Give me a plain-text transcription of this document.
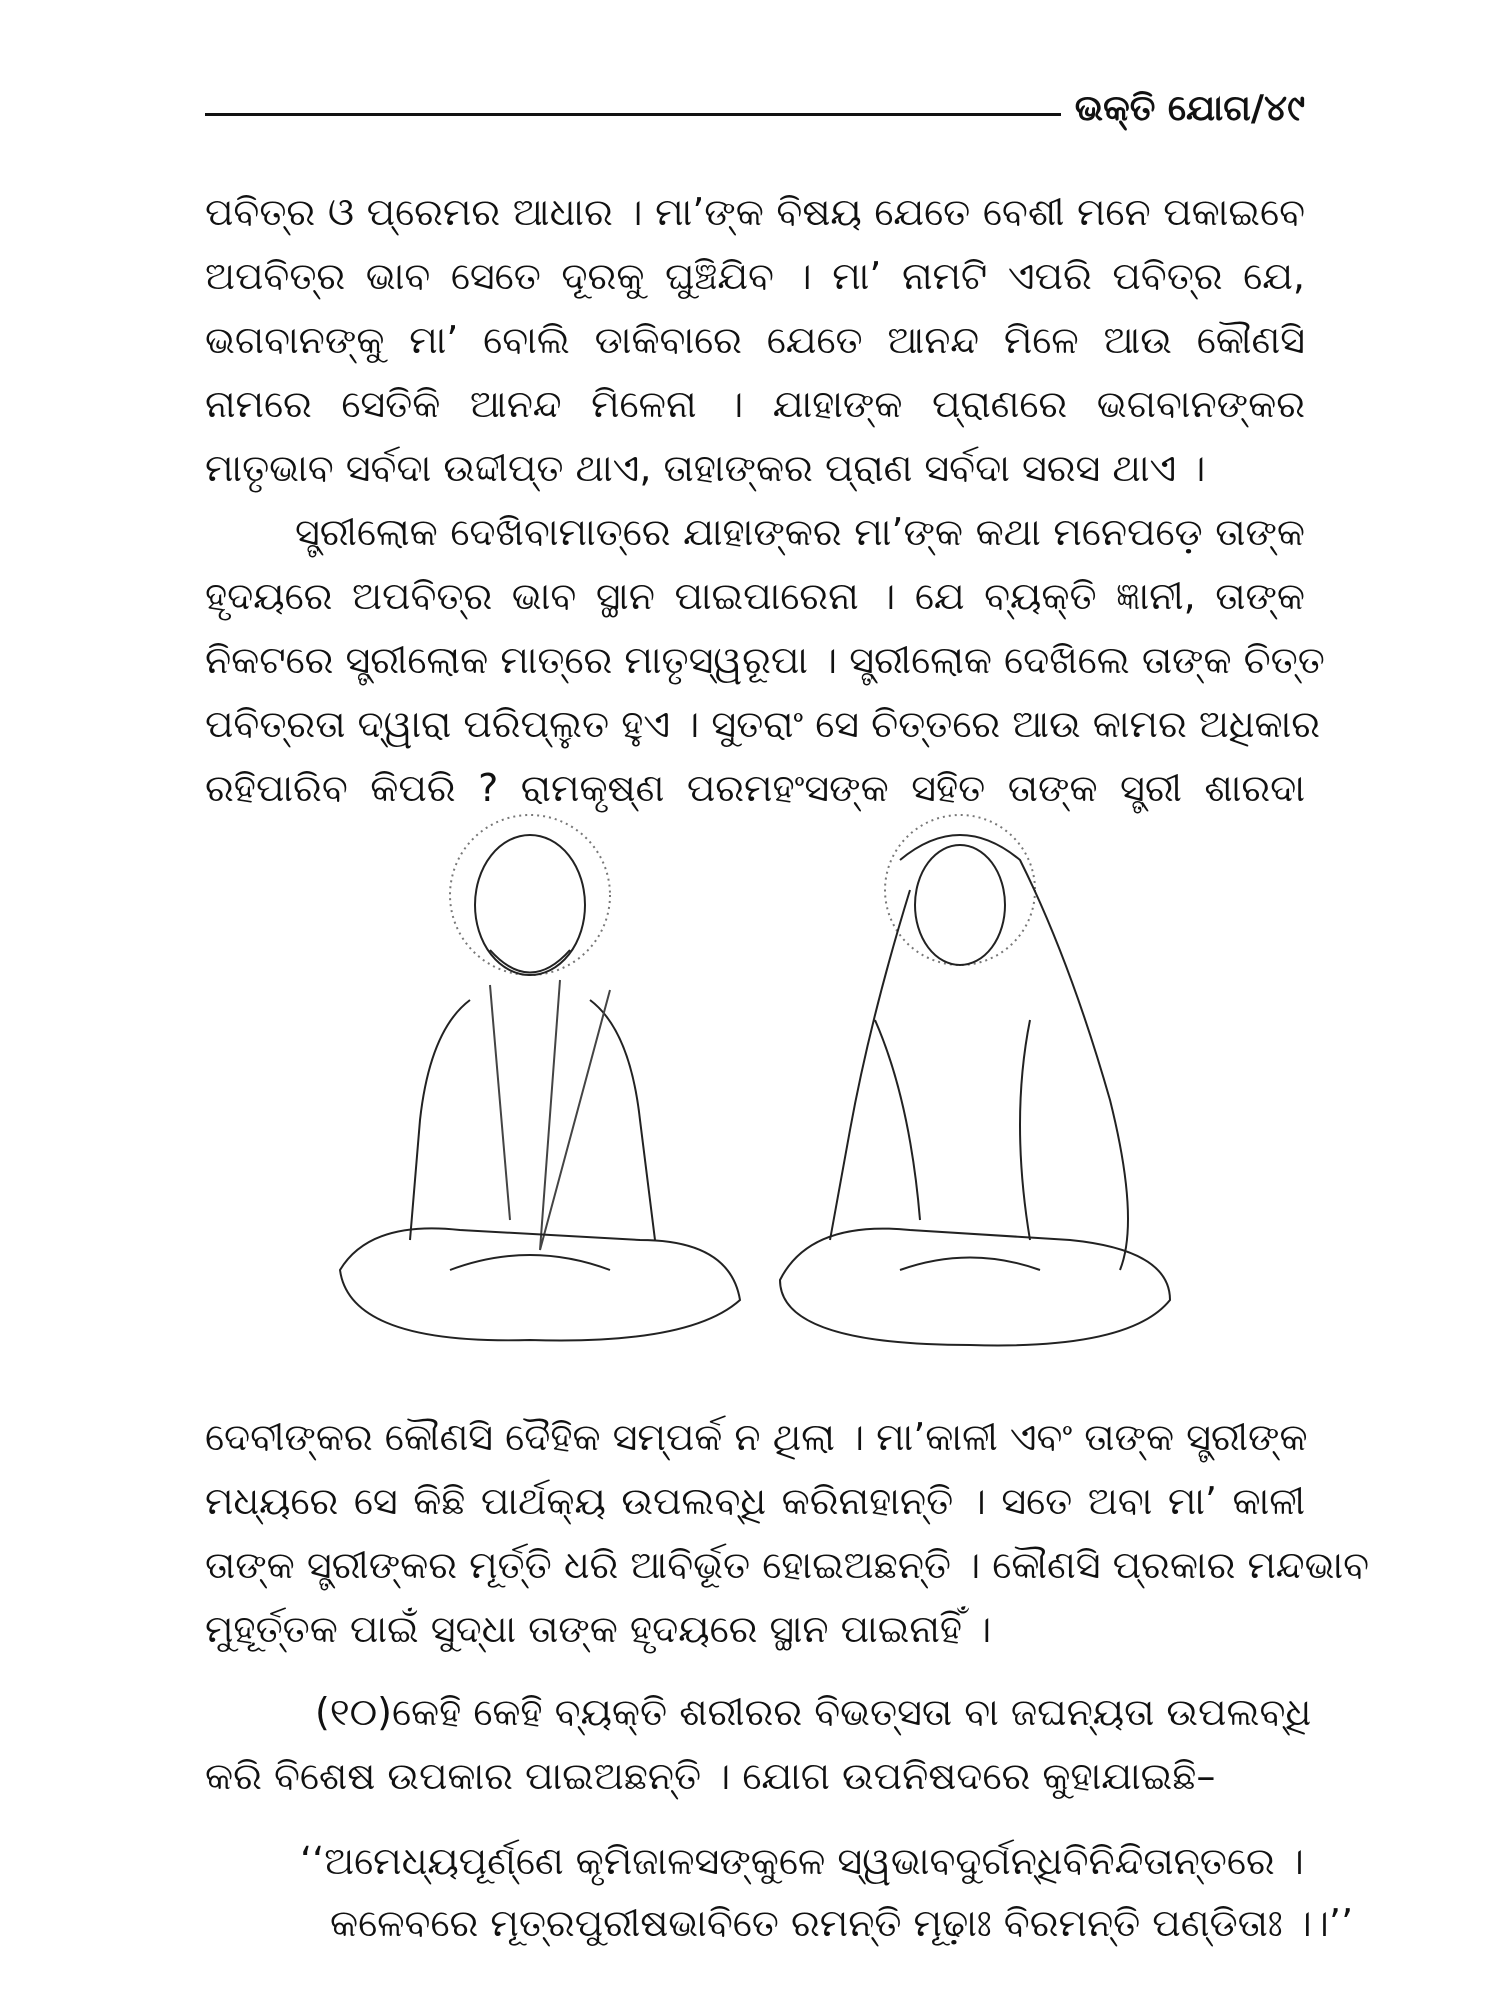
ଭକ୍ତି ଯୋଗ/୪୯
ପବିତ୍ର ଓ ପ୍ରେମର ଆଧାର । ମା’ଙ୍କ ବିଷୟ ଯେତେ ବେଶୀ ମନେ ପକାଇବେ
ଅପବିତ୍ର ଭାବ ସେତେ ଦୂରକୁ ଘୁଞ୍ଚିଯିବ । ମା’ ନାମଟି ଏପରି ପବିତ୍ର ଯେ,
ଭଗବାନଙ୍କୁ ମା’ ବୋଲି ଡାକିବାରେ ଯେତେ ଆନନ୍ଦ ମିଳେ ଆଉ କୌଣସି
ନାମରେ ସେତିକି ଆନନ୍ଦ ମିଳେନା । ଯାହାଙ୍କ ପ୍ରାଣରେ ଭଗବାନଙ୍କର
ମାତୃଭାବ ସର୍ବଦା ଉଦ୍ଦୀପ୍ତ ଥାଏ, ତାହାଙ୍କର ପ୍ରାଣ ସର୍ବଦା ସରସ ଥାଏ ।
ସ୍ତ୍ରୀଲୋକ ଦେଖିବାମାତ୍ରେ ଯାହାଙ୍କର ମା’ଙ୍କ କଥା ମନେପଡ଼େ ତାଙ୍କ
ହୃଦୟରେ ଅପବିତ୍ର ଭାବ ସ୍ଥାନ ପାଇପାରେନା । ଯେ ବ୍ୟକ୍ତି ଜ୍ଞାନୀ, ତାଙ୍କ
ନିକଟରେ ସ୍ତ୍ରୀଲୋକ ମାତ୍ରେ ମାତୃସ୍ୱରୂପା । ସ୍ତ୍ରୀଲୋକ ଦେଖିଲେ ତାଙ୍କ ଚିତ୍ତ
ପବିତ୍ରତା ଦ୍ୱାରା ପରିପ୍ଲୁତ ହୁଏ । ସୁତରାଂ ସେ ଚିତ୍ତରେ ଆଉ କାମର ଅଧିକାର
ରହିପାରିବ କିପରି ? ରାମକୃଷ୍ଣ ପରମହଂସଙ୍କ ସହିତ ତାଙ୍କ ସ୍ତ୍ରୀ ଶାରଦା
ଦେବୀଙ୍କର କୌଣସି ଦୈହିକ ସମ୍ପର୍କ ନ ଥିଲା । ମା’କାଳୀ ଏବଂ ତାଙ୍କ ସ୍ତ୍ରୀଙ୍କ
ମଧ୍ୟରେ ସେ କିଛି ପାର୍ଥକ୍ୟ ଉପଲବ୍ଧି କରିନାହାନ୍ତି । ସତେ ଅବା ମା’ କାଳୀ
ତାଙ୍କ ସ୍ତ୍ରୀଙ୍କର ମୂର୍ତ୍ତି ଧରି ଆବିର୍ଭୂତ ହୋଇଅଛନ୍ତି । କୌଣସି ପ୍ରକାର ମନ୍ଦଭାବ
ମୁହୂର୍ତ୍ତକ ପାଇଁ ସୁଦ୍ଧା ତାଙ୍କ ହୃଦୟରେ ସ୍ଥାନ ପାଇନାହିଁ ।
(୧୦)କେହି କେହି ବ୍ୟକ୍ତି ଶରୀରର ବିଭତ୍ସତା ବା ଜଘନ୍ୟତା ଉପଲବ୍ଧି
କରି ବିଶେଷ ଉପକାର ପାଇଅଛନ୍ତି । ଯୋଗ ଉପନିଷଦରେ କୁହାଯାଇଛି–
‘‘ଅମେଧ୍ୟପୂର୍ଣ୍ଣେ କୃମିଜାଳସଙ୍କୁଳେ ସ୍ୱଭାବଦୁର୍ଗନ୍ଧିବିନିନ୍ଦିତାନ୍ତରେ ।
କଳେବରେ ମୂତ୍ରପୁରୀଷଭାବିତେ ରମନ୍ତି ମୂଢ଼ାଃ ବିରମନ୍ତି ପଣ୍ଡିତାଃ ।।’’
